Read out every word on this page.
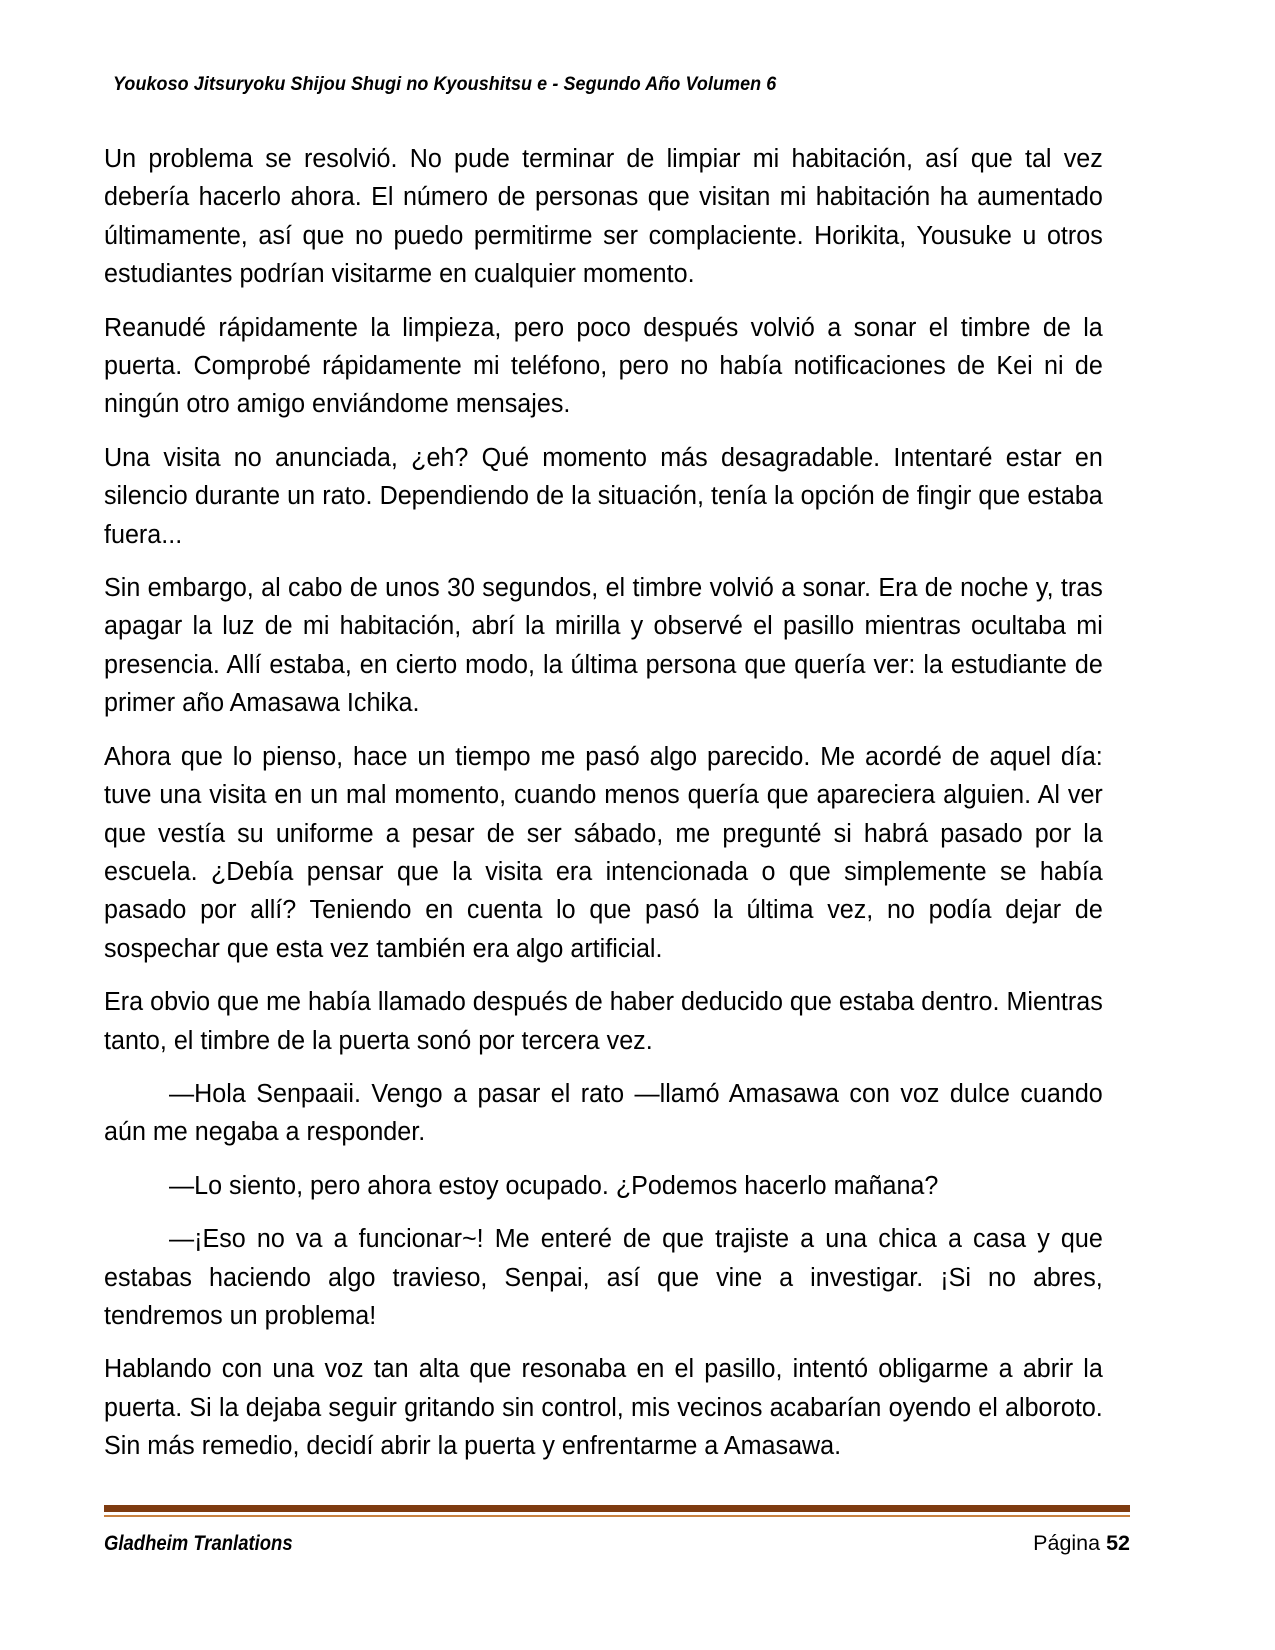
Youkoso Jitsuryoku Shijou Shugi no Kyoushitsu e - Segundo Año Volumen 6

Un problema se resolvió. No pude terminar de limpiar mi habitación, así que tal vez debería hacerlo ahora. El número de personas que visitan mi habitación ha aumentado últimamente, así que no puedo permitirme ser complaciente. Horikita, Yousuke u otros estudiantes podrían visitarme en cualquier momento.

Reanudé rápidamente la limpieza, pero poco después volvió a sonar el timbre de la puerta. Comprobé rápidamente mi teléfono, pero no había notificaciones de Kei ni de ningún otro amigo enviándome mensajes.

Una visita no anunciada, ¿eh? Qué momento más desagradable. Intentaré estar en silencio durante un rato. Dependiendo de la situación, tenía la opción de fingir que estaba fuera...

Sin embargo, al cabo de unos 30 segundos, el timbre volvió a sonar. Era de noche y, tras apagar la luz de mi habitación, abrí la mirilla y observé el pasillo mientras ocultaba mi presencia. Allí estaba, en cierto modo, la última persona que quería ver: la estudiante de primer año Amasawa Ichika.

Ahora que lo pienso, hace un tiempo me pasó algo parecido. Me acordé de aquel día: tuve una visita en un mal momento, cuando menos quería que apareciera alguien. Al ver que vestía su uniforme a pesar de ser sábado, me pregunté si habrá pasado por la escuela. ¿Debía pensar que la visita era intencionada o que simplemente se había pasado por allí? Teniendo en cuenta lo que pasó la última vez, no podía dejar de sospechar que esta vez también era algo artificial.

Era obvio que me había llamado después de haber deducido que estaba dentro. Mientras tanto, el timbre de la puerta sonó por tercera vez.

—Hola Senpaaii. Vengo a pasar el rato —llamó Amasawa con voz dulce cuando aún me negaba a responder.

—Lo siento, pero ahora estoy ocupado. ¿Podemos hacerlo mañana?

—¡Eso no va a funcionar~! Me enteré de que trajiste a una chica a casa y que estabas haciendo algo travieso, Senpai, así que vine a investigar. ¡Si no abres, tendremos un problema!

Hablando con una voz tan alta que resonaba en el pasillo, intentó obligarme a abrir la puerta. Si la dejaba seguir gritando sin control, mis vecinos acabarían oyendo el alboroto. Sin más remedio, decidí abrir la puerta y enfrentarme a Amasawa.

Gladheim Tranlations	Página 52
